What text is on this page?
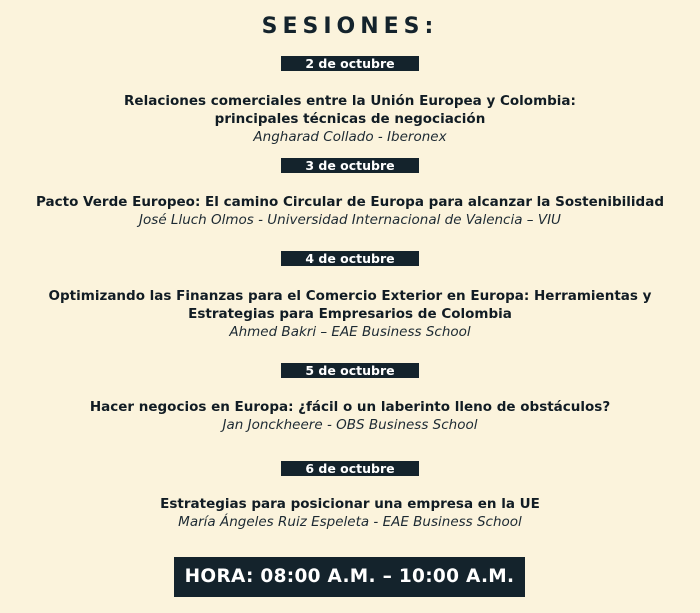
SESIONES:
2 de octubre
Relaciones comerciales entre la Unión Europea y Colombia:
principales técnicas de negociación
Angharad Collado - Iberonex
3 de octubre
Pacto Verde Europeo: El camino Circular de Europa para alcanzar la Sostenibilidad
José Lluch Olmos - Universidad Internacional de Valencia – VIU
4 de octubre
Optimizando las Finanzas para el Comercio Exterior en Europa: Herramientas y
Estrategias para Empresarios de Colombia
Ahmed Bakri – EAE Business School
5 de octubre
Hacer negocios en Europa: ¿fácil o un laberinto lleno de obstáculos?
Jan Jonckheere - OBS Business School
6 de octubre
Estrategias para posicionar una empresa en la UE
María Ángeles Ruiz Espeleta - EAE Business School
HORA: 08:00 A.M. – 10:00 A.M.
